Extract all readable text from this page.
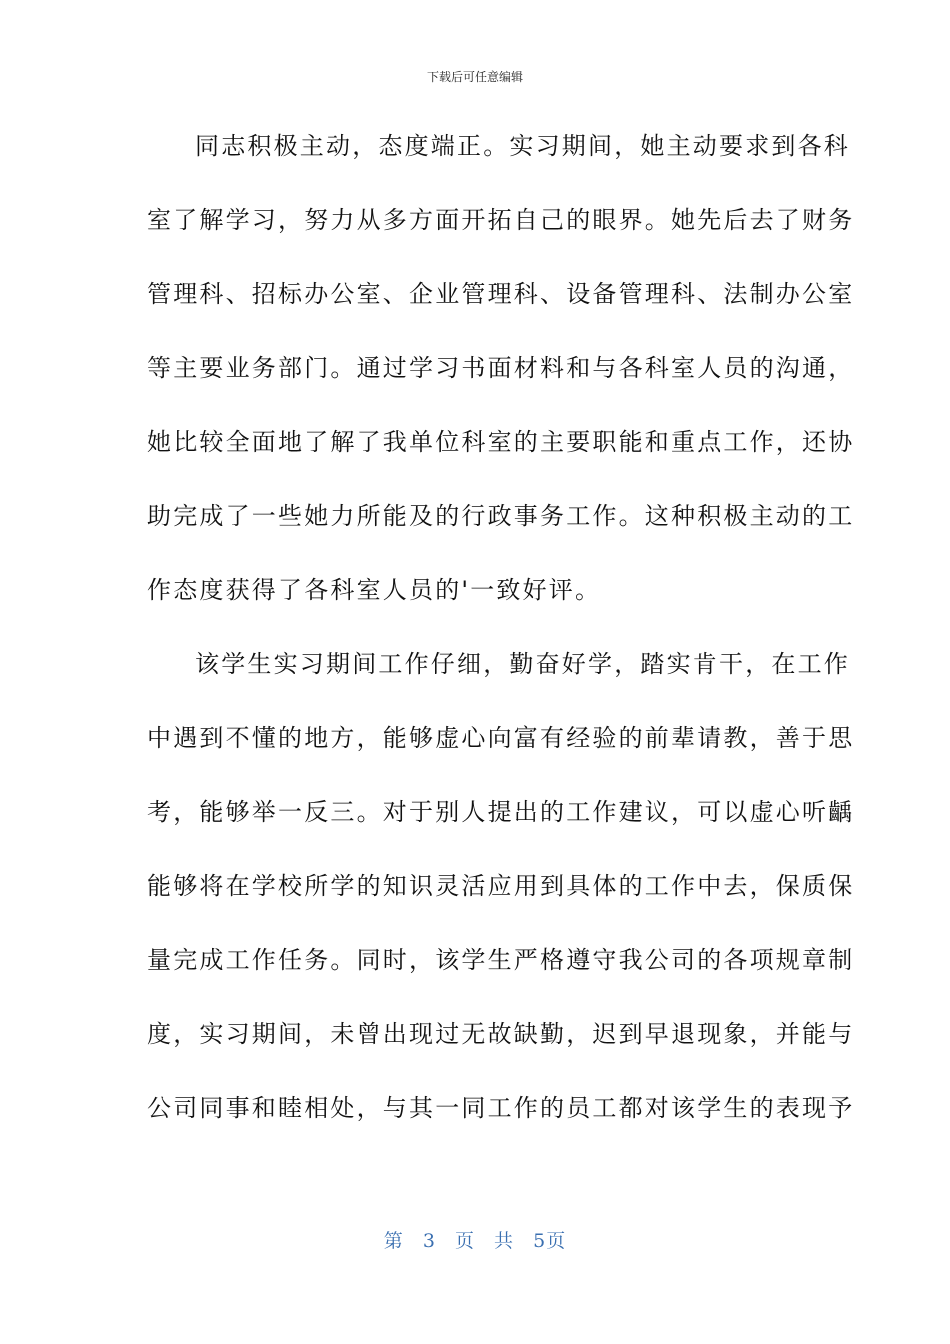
下载后可任意编辑
同志积极主动，态度端正。实习期间，她主动要求到各科
室了解学习，努力从多方面开拓自己的眼界。她先后去了财务
管理科、招标办公室、企业管理科、设备管理科、法制办公室
等主要业务部门。通过学习书面材料和与各科室人员的沟通，
她比较全面地了解了我单位科室的主要职能和重点工作，还协
助完成了一些她力所能及的行政事务工作。这种积极主动的工
作态度获得了各科室人员的'一致好评。
该学生实习期间工作仔细，勤奋好学，踏实肯干，在工作
中遇到不懂的地方，能够虚心向富有经验的前辈请教，善于思
考，能够举一反三。对于别人提出的工作建议，可以虚心听齲
能够将在学校所学的知识灵活应用到具体的工作中去，保质保
量完成工作任务。同时，该学生严格遵守我公司的各项规章制
度，实习期间，未曾出现过无故缺勤，迟到早退现象，并能与
公司同事和睦相处，与其一同工作的员工都对该学生的表现予
第 3 页 共 5页
